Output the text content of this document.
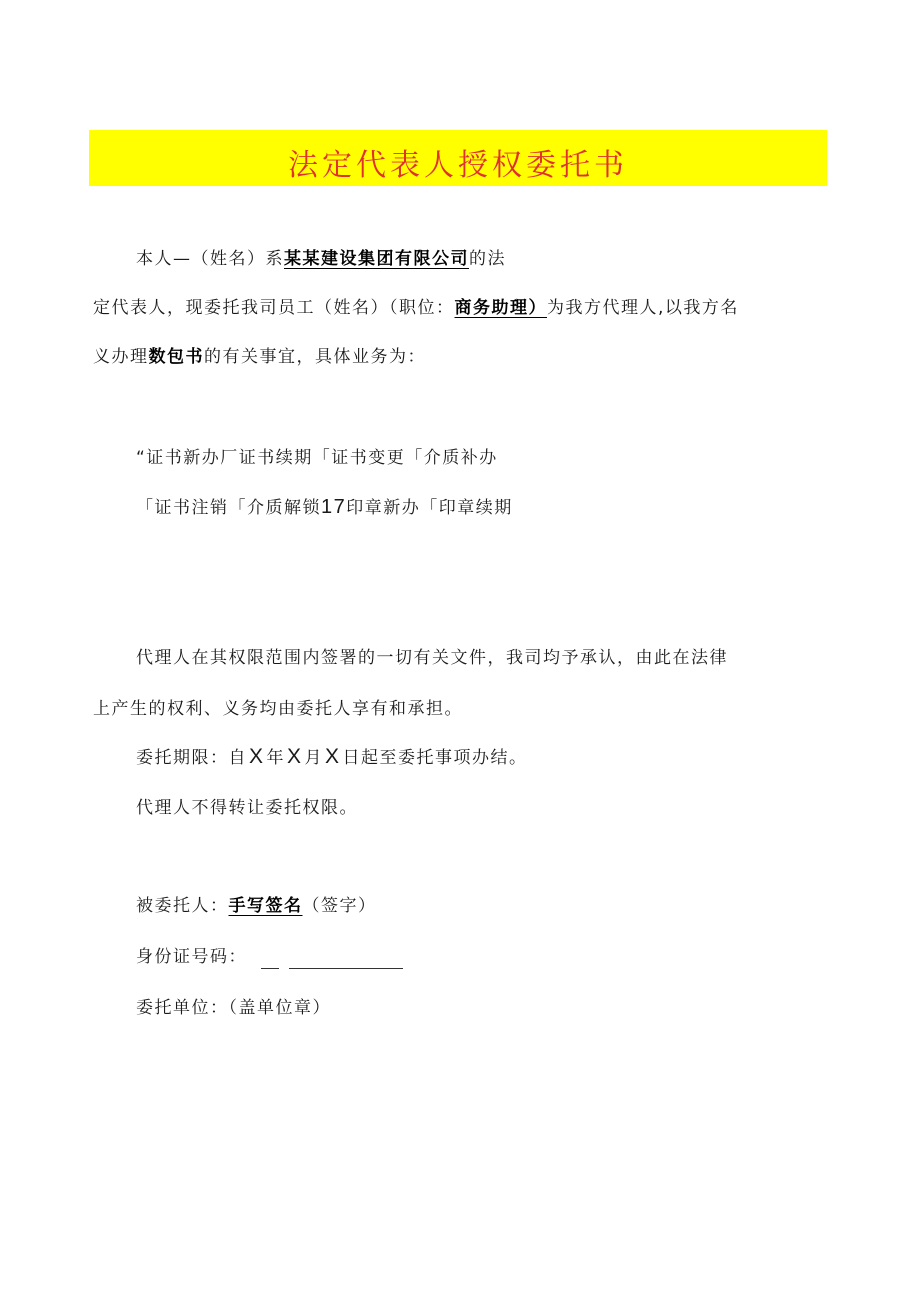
法定代表人授权委托书
本人—（姓名）系某某建设集团有限公司的法
定代表人，现委托我司员工（姓名）（职位：商务助理）为我方代理人,以我方名
义办理数包书的有关事宜，具体业务为：
“证书新办厂证书续期「证书变更「介质补办
「证书注销「介质解锁17印章新办「印章续期
代理人在其权限范围内签署的一切有关文件，我司均予承认，由此在法律
上产生的权利、义务均由委托人享有和承担。
委托期限：自X 年X 月X 日起至委托事项办结。
代理人不得转让委托权限。
被委托人：手写签名（签字）
身份证号码：
委托单位：（盖单位章）
